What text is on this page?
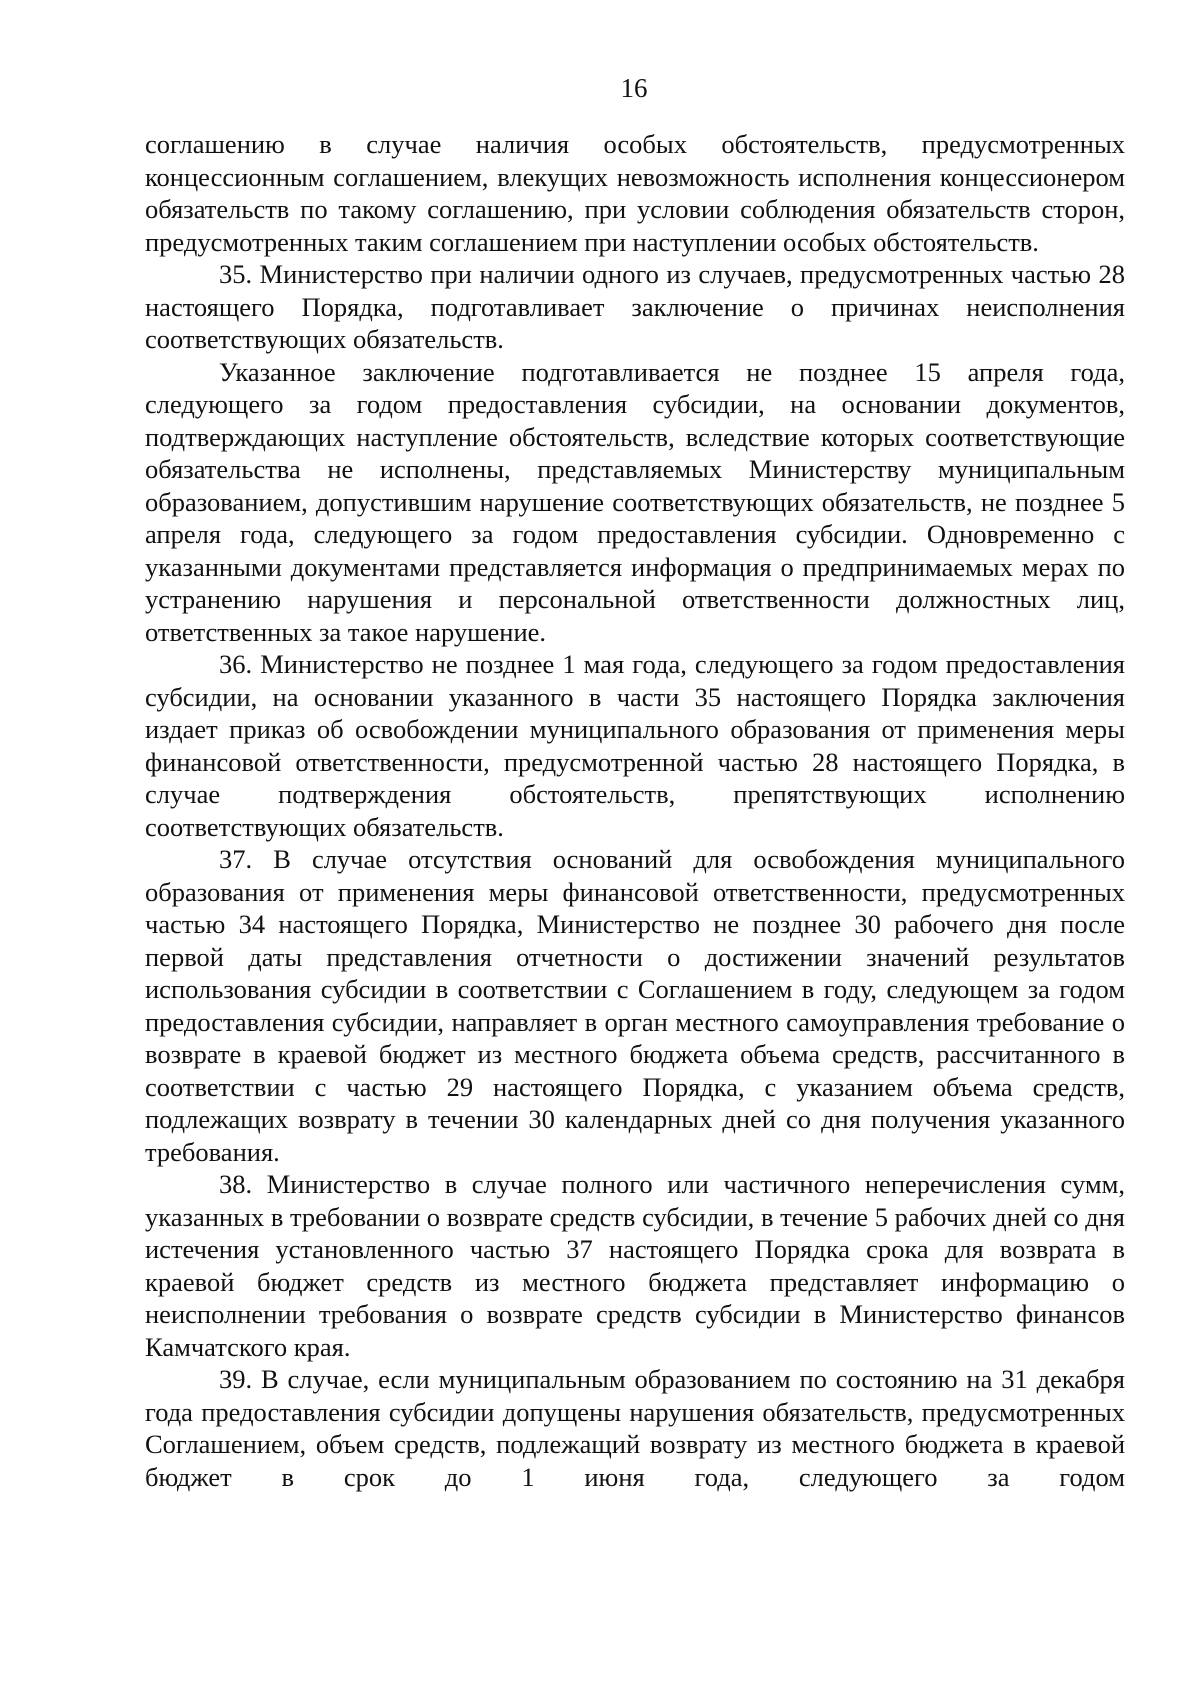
16

соглашению в случае наличия особых обстоятельств, предусмотренных концессионным соглашением, влекущих невозможность исполнения концессионером обязательств по такому соглашению, при условии соблюдения обязательств сторон, предусмотренных таким соглашением при наступлении особых обстоятельств.

35. Министерство при наличии одного из случаев, предусмотренных частью 28 настоящего Порядка, подготавливает заключение о причинах неисполнения соответствующих обязательств.

Указанное заключение подготавливается не позднее 15 апреля года, следующего за годом предоставления субсидии, на основании документов, подтверждающих наступление обстоятельств, вследствие которых соответствующие обязательства не исполнены, представляемых Министерству муниципальным образованием, допустившим нарушение соответствующих обязательств, не позднее 5 апреля года, следующего за годом предоставления субсидии. Одновременно с указанными документами представляется информация о предпринимаемых мерах по устранению нарушения и персональной ответственности должностных лиц, ответственных за такое нарушение.

36. Министерство не позднее 1 мая года, следующего за годом предоставления субсидии, на основании указанного в части 35 настоящего Порядка заключения издает приказ об освобождении муниципального образования от применения меры финансовой ответственности, предусмотренной частью 28 настоящего Порядка, в случае подтверждения обстоятельств, препятствующих исполнению соответствующих обязательств.

37. В случае отсутствия оснований для освобождения муниципального образования от применения меры финансовой ответственности, предусмотренных частью 34 настоящего Порядка, Министерство не позднее 30 рабочего дня после первой даты представления отчетности о достижении значений результатов использования субсидии в соответствии с Соглашением в году, следующем за годом предоставления субсидии, направляет в орган местного самоуправления требование о возврате в краевой бюджет из местного бюджета объема средств, рассчитанного в соответствии с частью 29 настоящего Порядка, с указанием объема средств, подлежащих возврату в течении 30 календарных дней со дня получения указанного требования.

38. Министерство в случае полного или частичного неперечисления сумм, указанных в требовании о возврате средств субсидии, в течение 5 рабочих дней со дня истечения установленного частью 37 настоящего Порядка срока для возврата в краевой бюджет средств из местного бюджета представляет информацию о неисполнении требования о возврате средств субсидии в Министерство финансов Камчатского края.

39. В случае, если муниципальным образованием по состоянию на 31 декабря года предоставления субсидии допущены нарушения обязательств, предусмотренных Соглашением, объем средств, подлежащий возврату из местного бюджета в краевой бюджет в срок до 1 июня года, следующего за годом
